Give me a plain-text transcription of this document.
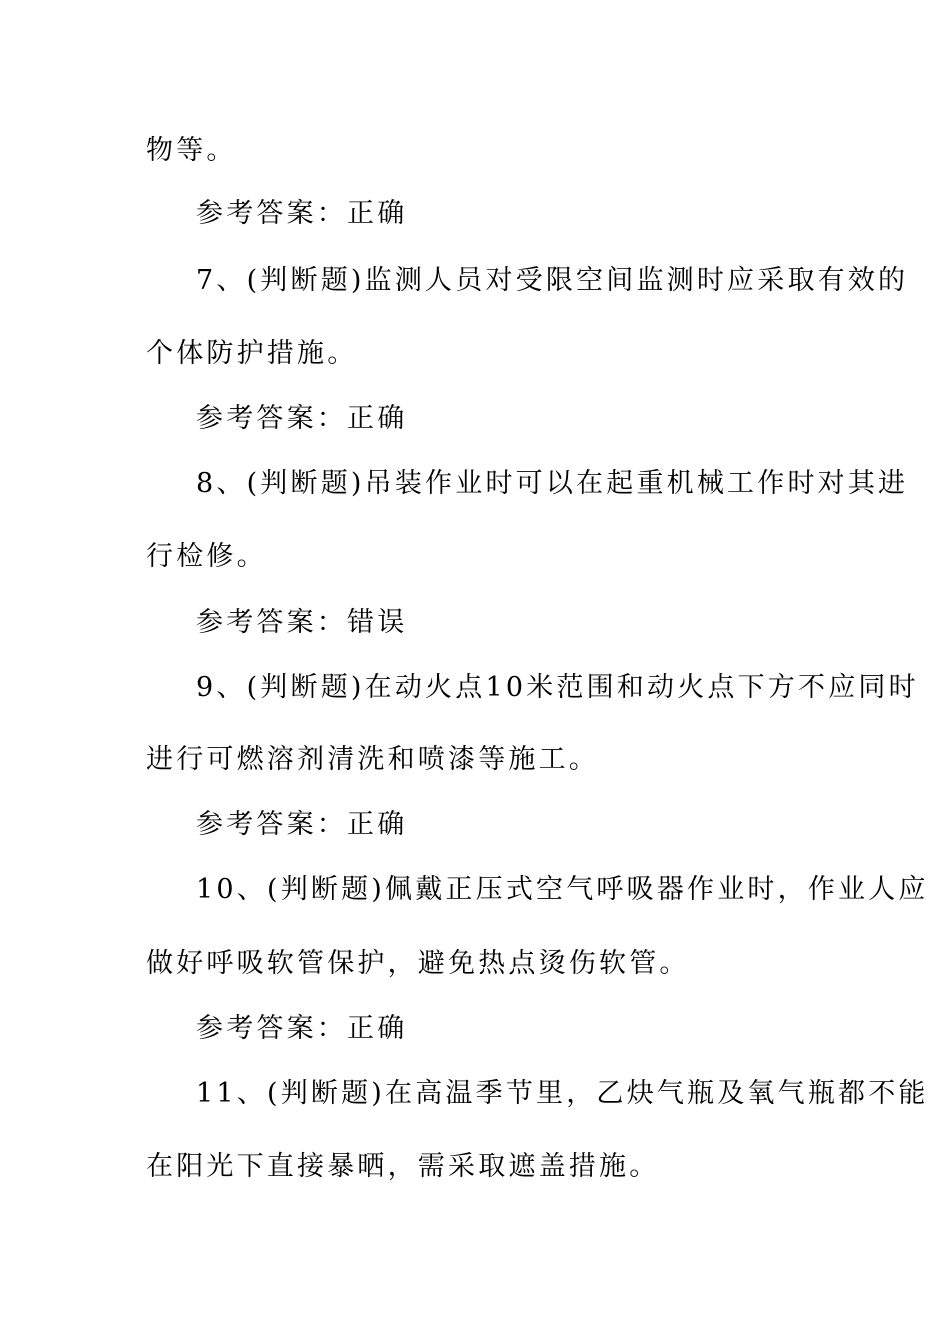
物等。
参考答案：正确
7、(判断题)监测人员对受限空间监测时应采取有效的
个体防护措施。
参考答案：正确
8、(判断题)吊装作业时可以在起重机械工作时对其进
行检修。
参考答案：错误
9、(判断题)在动火点10米范围和动火点下方不应同时
进行可燃溶剂清洗和喷漆等施工。
参考答案：正确
10、(判断题)佩戴正压式空气呼吸器作业时，作业人应
做好呼吸软管保护，避免热点烫伤软管。
参考答案：正确
11、(判断题)在高温季节里，乙炔气瓶及氧气瓶都不能
在阳光下直接暴晒，需采取遮盖措施。
